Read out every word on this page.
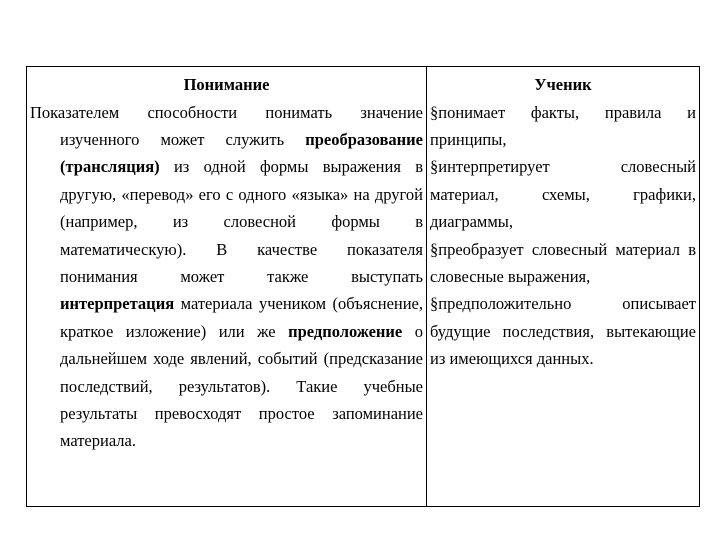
Понимание
Показателем способности понимать значение изученного может служить преобразование (трансляция) из одной формы выражения в другую, «перевод» его с одного «языка» на другой (например, из словесной формы в математическую). В качестве показателя понимания может также выступать интерпретация материала учеником (объяснение, краткое изложение) или же предположение о дальнейшем ходе явлений, событий (предсказание последствий, результатов). Такие учебные результаты превосходят простое запоминание материала.
Ученик
§понимает факты, правила и принципы,
§интерпретирует словесный материал, схемы, графики, диаграммы,
§преобразует словесный материал в словесные выражения,
§предположительно описывает будущие последствия, вытекающие из имеющихся данных.
